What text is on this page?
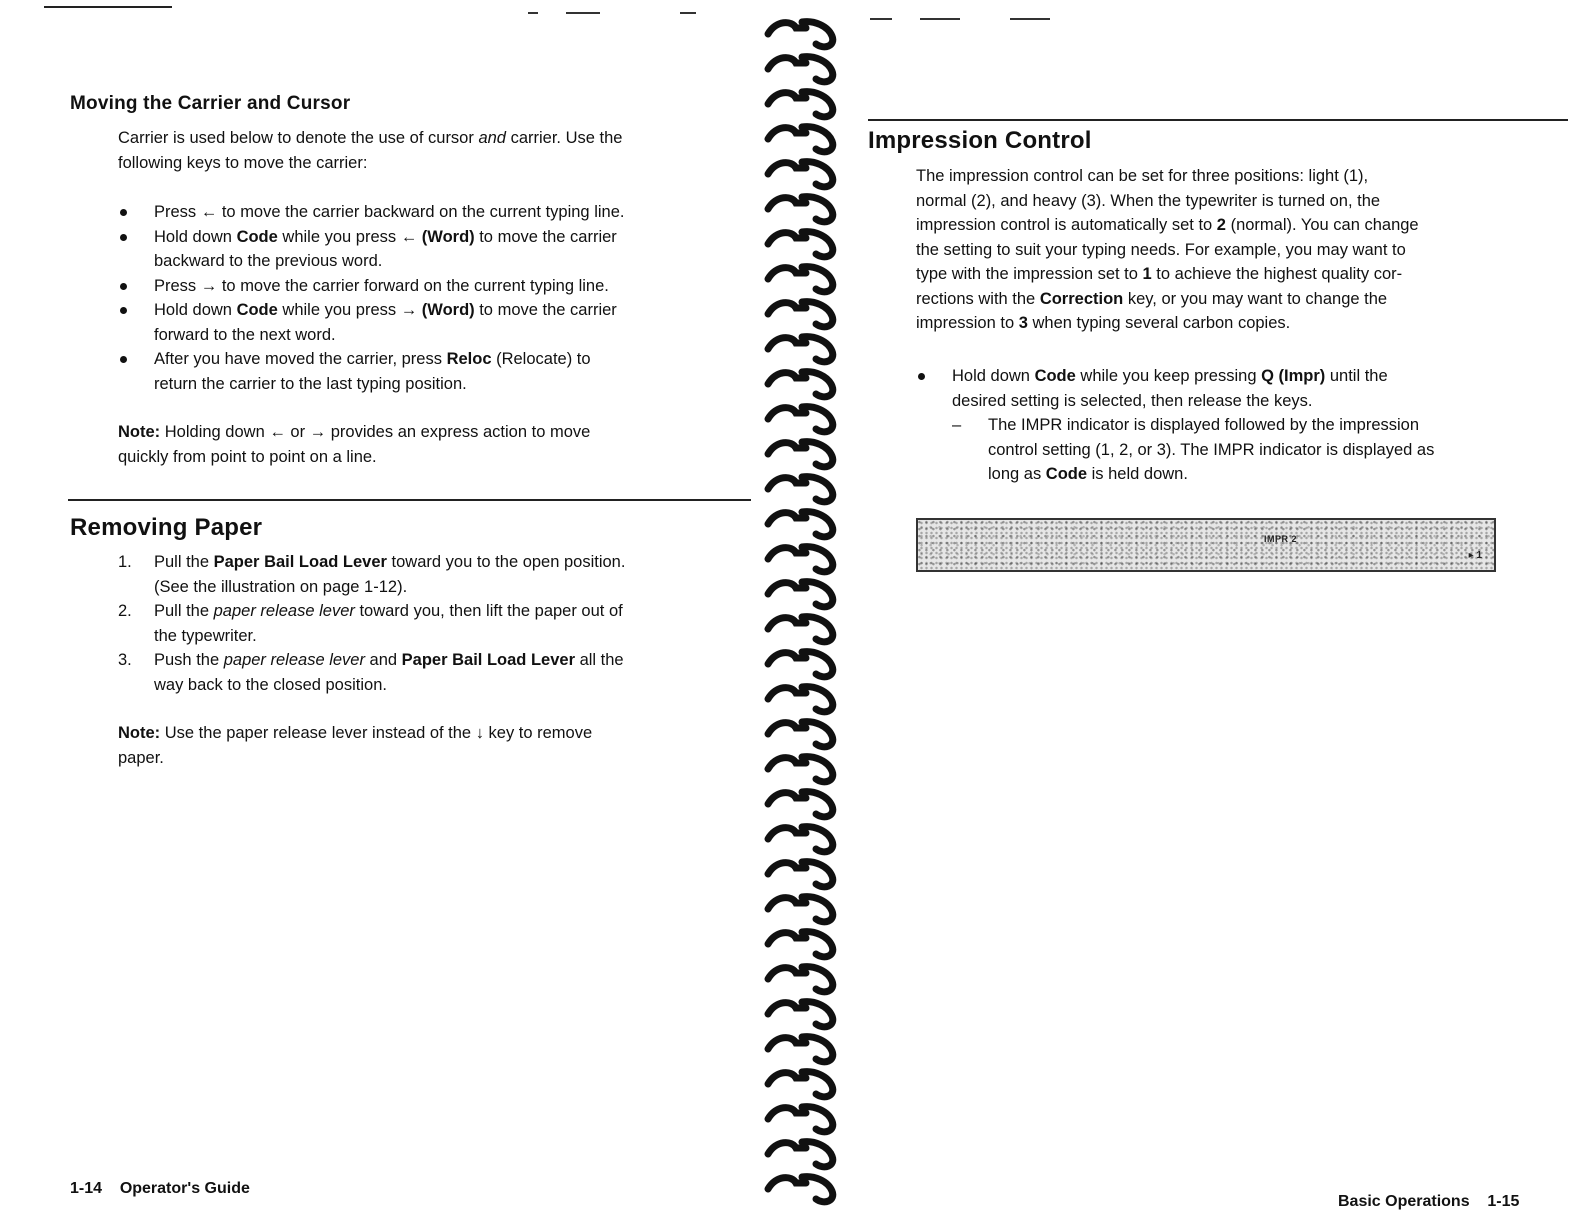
Moving the Carrier and Cursor
Carrier is used below to denote the use of cursor and carrier. Use the
following keys to move the carrier:
Press ← to move the carrier backward on the current typing line.
Hold down Code while you press ← (Word) to move the carrier
backward to the previous word.
Press → to move the carrier forward on the current typing line.
Hold down Code while you press → (Word) to move the carrier
forward to the next word.
After you have moved the carrier, press Reloc (Relocate) to
return the carrier to the last typing position.
Note: Holding down ← or → provides an express action to move
quickly from point to point on a line.
Removing Paper
1. Pull the Paper Bail Load Lever toward you to the open position.
(See the illustration on page 1-12).
2. Pull the paper release lever toward you, then lift the paper out of
the typewriter.
3. Push the paper release lever and Paper Bail Load Lever all the
way back to the closed position.
Note: Use the paper release lever instead of the ↓ key to remove
paper.
1-14 Operator's Guide
Impression Control
The impression control can be set for three positions: light (1),
normal (2), and heavy (3). When the typewriter is turned on, the
impression control is automatically set to 2 (normal). You can change
the setting to suit your typing needs. For example, you may want to
type with the impression set to 1 to achieve the highest quality cor-
rections with the Correction key, or you may want to change the
impression to 3 when typing several carbon copies.
Hold down Code while you keep pressing Q (Impr) until the
desired setting is selected, then release the keys.
– The IMPR indicator is displayed followed by the impression
control setting (1, 2, or 3). The IMPR indicator is displayed as
long as Code is held down.
Basic Operations 1-15
IMPR 2
▸ 1
